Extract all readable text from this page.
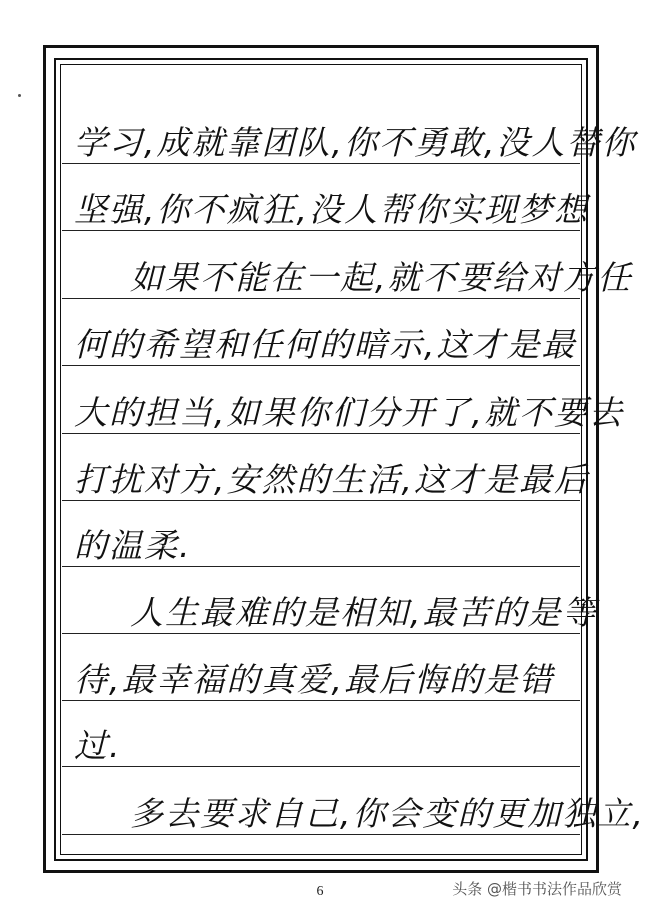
学习,成就靠团队,你不勇敢,没人替你
坚强,你不疯狂,没人帮你实现梦想
如果不能在一起,就不要给对方任
何的希望和任何的暗示,这才是最
大的担当,如果你们分开了,就不要去
打扰对方,安然的生活,这才是最后
的温柔.
人生最难的是相知,最苦的是等
待,最幸福的真爱,最后悔的是错
过.
多去要求自己,你会变的更加独立,
6	头条 @楷书书法作品欣赏
